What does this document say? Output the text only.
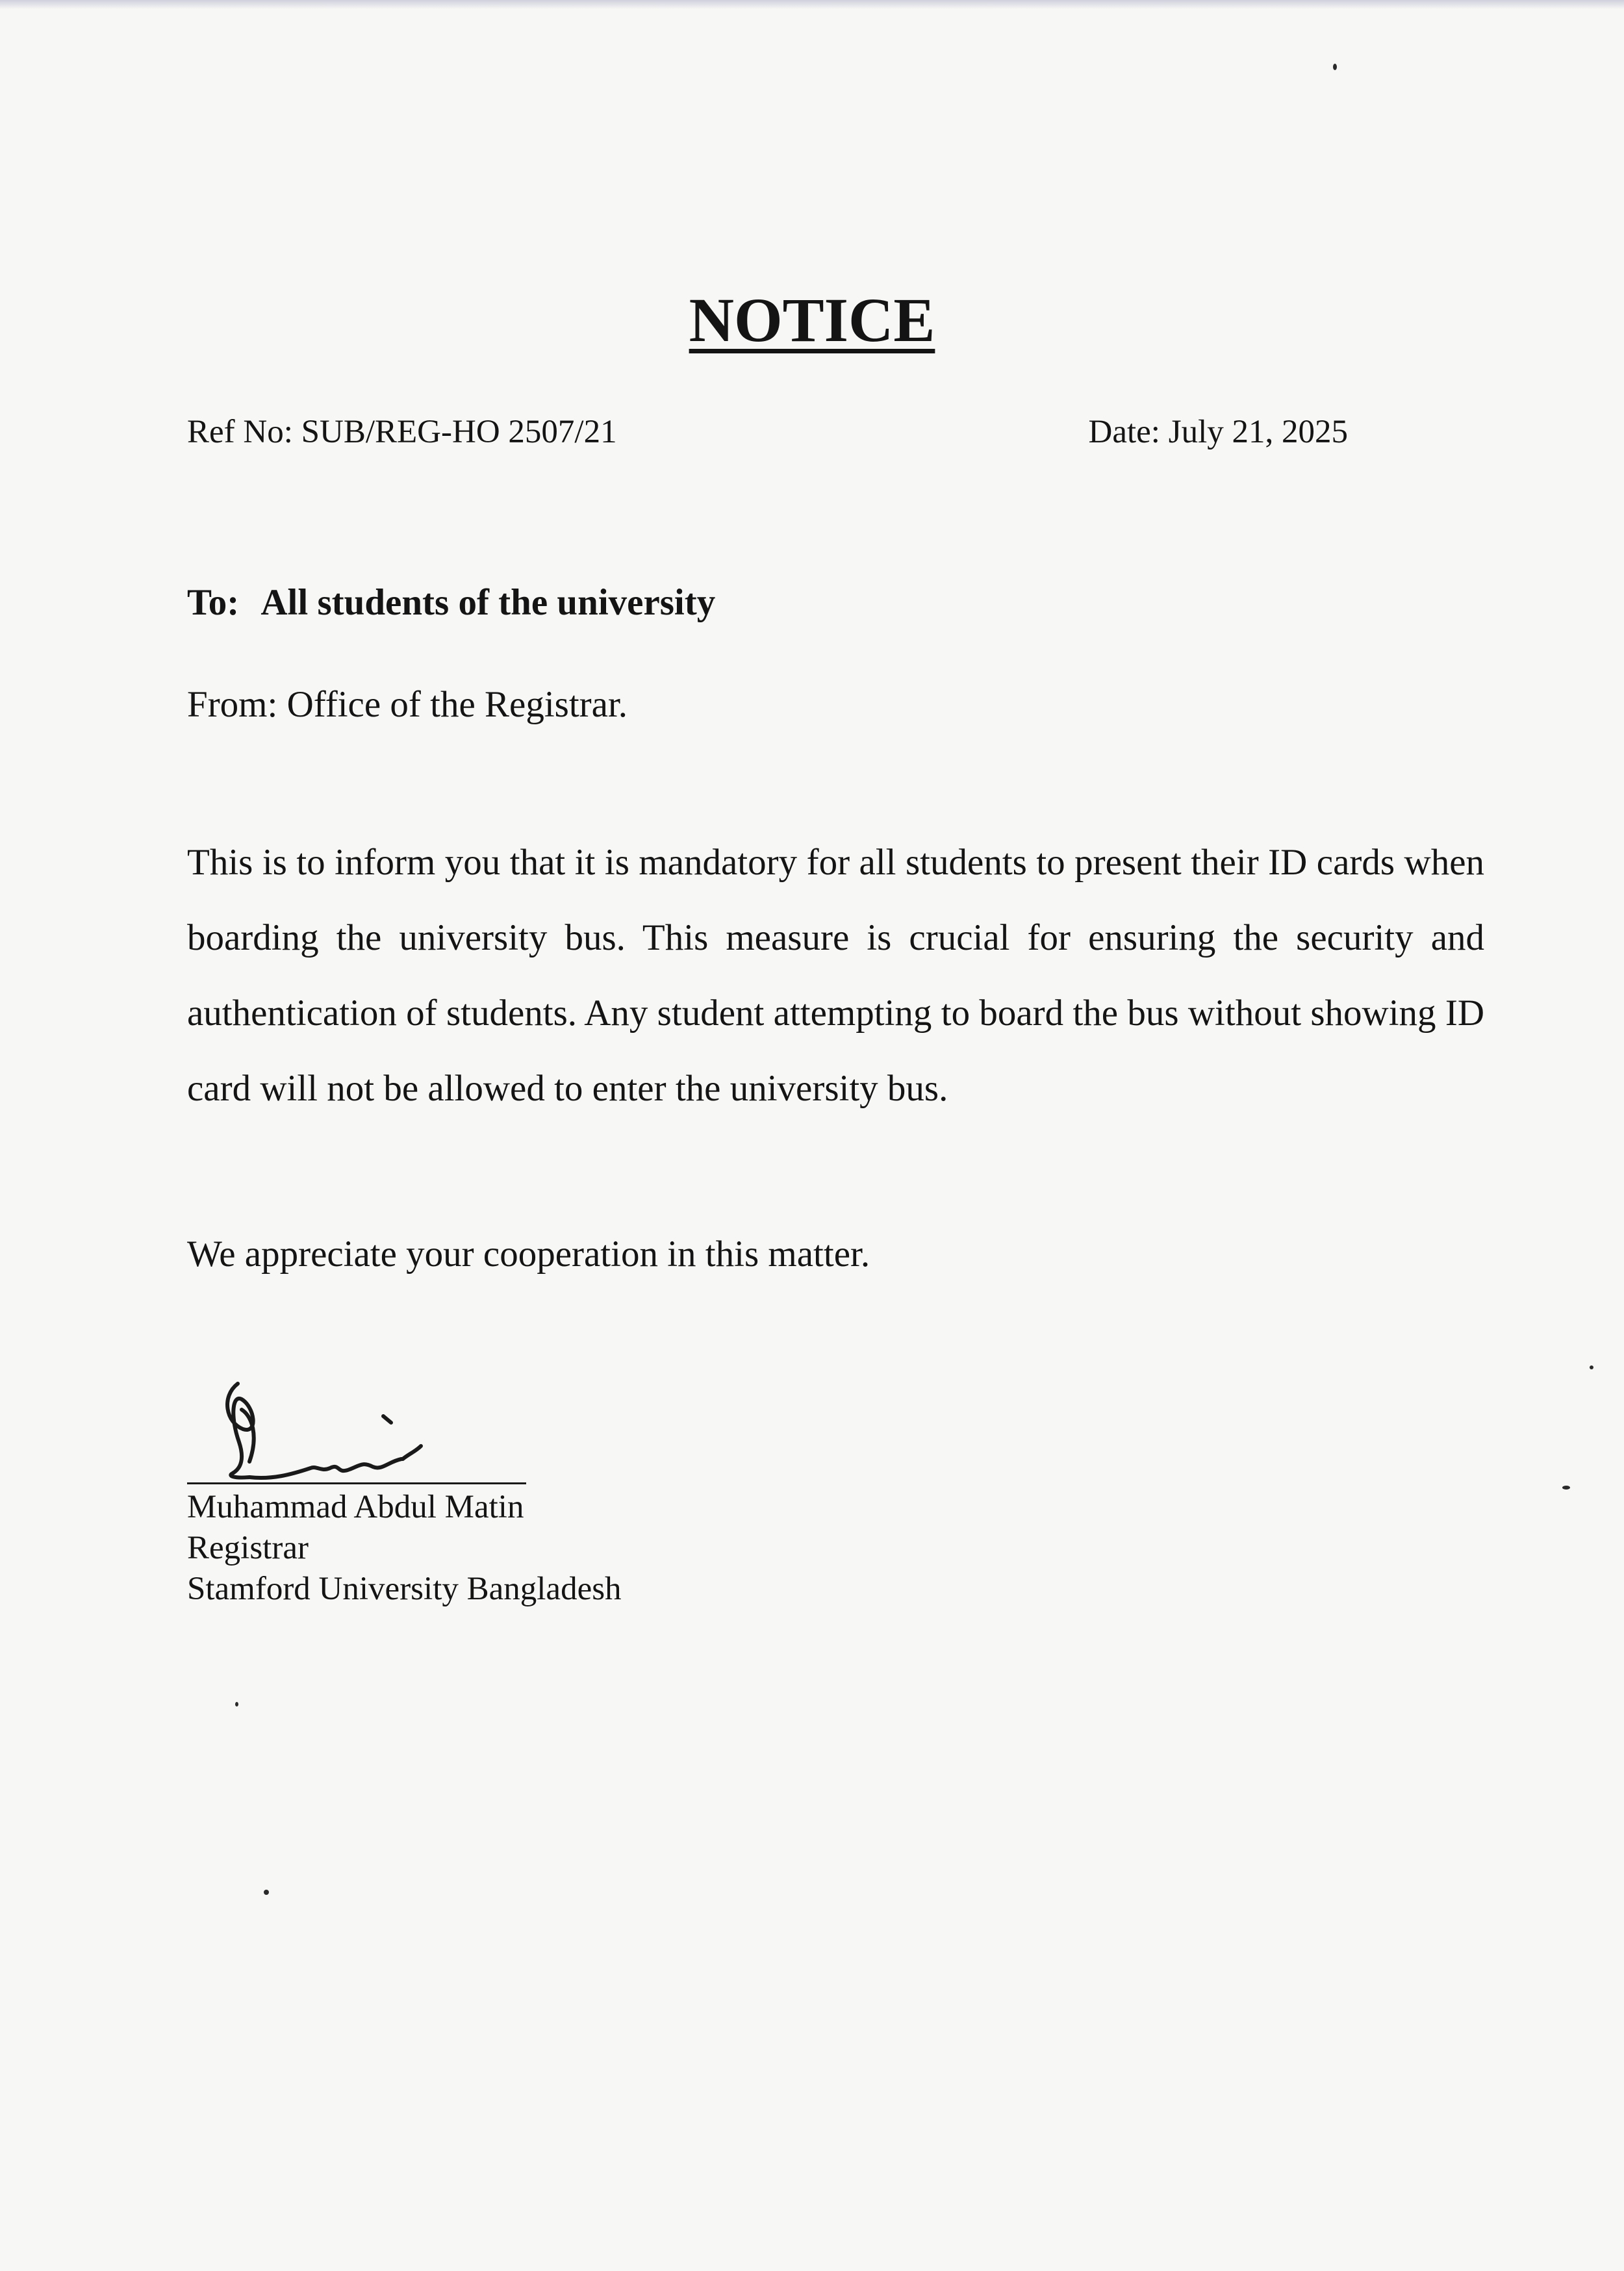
NOTICE
Ref No: SUB/REG-HO 2507/21	Date: July 21, 2025
To: All students of the university
From: Office of the Registrar.
This is to inform you that it is mandatory for all students to present their ID cards when boarding the university bus. This measure is crucial for ensuring the security and authentication of students. Any student attempting to board the bus without showing ID card will not be allowed to enter the university bus.
We appreciate your cooperation in this matter.
Muhammad Abdul Matin
Registrar
Stamford University Bangladesh
